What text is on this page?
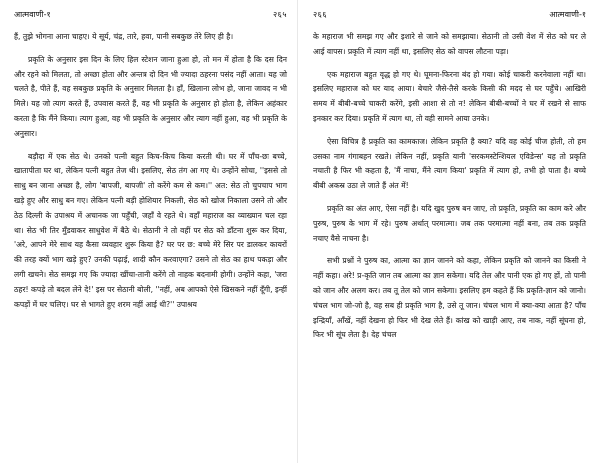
आत्मवाणी-१	२६५

हैं, तुझे भोगना आना चाहए। ये सूर्य, चंद्र, तारे, हवा, पानी सबकुछ तेरे लिए ही है।

प्रकृति के अनुसार इस दिन के लिए हिल स्टेशन जाना हुआ हो, तो मन में होता है कि दस दिन और रहने को मिलता, तो अच्छा होता और अन्तत्र दो दिन भी ज्यादा ठहरना पसंद नहीं आता। यह जो चलते है, पीते हैं, वह सबकुछ प्रकृति के अनुसार मिलता है। हाँ, खिलाना लोभ हो, जाना जावद न भी मिले। यह जो त्याग करते हैं, उपवास करते हैं, वह भी प्रकृति के अनुसार हो होता है, लेकिन अहंकार करता है कि मैंने किया। त्याग हुआ, वह भी प्रकृति के अनुसार और त्याग नहीं हुआ, वह भी प्रकृति के अनुसार।

बड़ौदा में एक सेठ थे। उनको पत्नी बहुत किच-किच किया करती थी। घर में पाँच-छः बच्चे, खातापीता घर था, लेकिन पत्नी बहुत तेज थी। इसलिए, सेठ तंग आ गए थे। उन्होंने सोचा, ''इससे तो साधु बन जाना अच्छा है, लोग 'बापजी, बापजी' तो करेंगे कम से कम।'' अत: सेठ तो चुपचाप भाग खड़े हुए और साधु बन गए। लेकिन पत्नी बड़ी होशियार निकली, सेठ को खोज निकाला उसने तो और ठेठ दिल्ली के उपाश्रय में अचानक जा पहुँची, जहाँ वे रहते थे। वहाँ महाराज का व्याख्यान चल रहा था। सेठ भी तिर मुँडवाकर साधुवेश में बैठे थे। सेठानी ने तो वहीं पर सेठ को डाँटना शुरू कर दिया, 'अरे, आपने मेरे साथ यह कैसा व्यवहार शुरू किया है? घर पर छ: बच्चे मेरे सिर पर डालकर कायरों की तरह क्यों भाग खड़े हुए? उनकी पढ़ाई, शादी कौन करवाएगा? उसने तो सेठ का हाथ पकड़ा और लगी खचने। सेठ समझ गए कि ज्यादा खींचा-तानी करेंगे तो नाहक बदनामी होगी। उन्होंने कहा, 'जरा ठहर! कपड़े तो बदल लेने दे!' इस पर सेठानी बोली, ''नहीं, अब आपको ऐसे खिसकने नहीं दूँगी, इन्हीं कपड़ों में घर चलिए। घर से भागते हुए शरम नहीं आई थी?'' उपाश्रय

२६६	आत्मवाणी-१

के महाराज भी समझ गए और इशारे से जाने को समझाया। सेठानी तो उसी वेश में सेठ को घर ले आई वापस। प्रकृति में त्याग नहीं था, इसलिए सेठ को वापस लौटना पड़ा।

एक महाराज बहुत वृद्ध हो गए थे। घूमना-फिरना बंद हो गया। कोई चाकरी करनेवाला नहीं था। इसलिए महाराज को घर याद आया। बेचारे जैसे-तैसे करके किसी की मदद से घर पहुँचे। आखिरी समय में बीबी-बच्चे चाकरी करेंगे, इसी आशा से तो न! लेकिन बीबी-बच्चों ने घर में रखने से साफ इनकार कर दिया। प्रकृति में त्याग था, तो वही सामने आया उनके।

ऐसा विचित्र है प्रकृति का कामकाज। लेकिन प्रकृति है क्या? यदि वह कोई चीज होती, तो हम उसका नाम गंगाबहन रखते। लेकिन नहीं, प्रकृति यानी 'सरकमस्टेन्शियल एविडेन्स' यह तो प्रकृति नचाती है फिर भी कहता है, 'मैं नाचा, मैंने त्याग किया' प्रकृति में त्याग हो, तभी हो पाता है। बच्चे बीबी अकस्र उठा ले जाते हैं अंत में!

प्रकृति का अंत आए, ऐसा नहीं है। यदि खुद पुरुष बन जाए, तो प्रकृति, प्रकृति का काम करे और पुरुष, पुरुष के भाग में रहे। पुरुष अर्थात् परमात्मा। जब तक परमात्मा नहीं बना, तब तक प्रकृति नचाए वैसे नाचना है।

सभी प्रश्नों ने पुरुष का, आत्मा का ज्ञान जानने को कहा, लेकिन प्रकृति को जानने का किसी ने नहीं कहा। अरे! प्र-कृति जान तब आत्मा का ज्ञान सकेगा। यदि तेल और पानी एक हो गए हों, तो पानी को जान और अलग कर। तब तू तेल को जान सकेगा। इसलिए हम कहते हैं कि प्रकृति-ज्ञान को जानो। चंचल भाग जो-जो है, वह सब ही प्रकृति भाग है, उसे तू जान। चंचल भाग में क्या-क्या आता है? पाँच इन्द्रियाँ, आँखें, नहीं देखना हो फिर भी देख लेते हैं। कांख को खाड़ी आए, तब नाक, नहीं सूंघना हो, फिर भी सूंघ लेता है। देह चंचल
